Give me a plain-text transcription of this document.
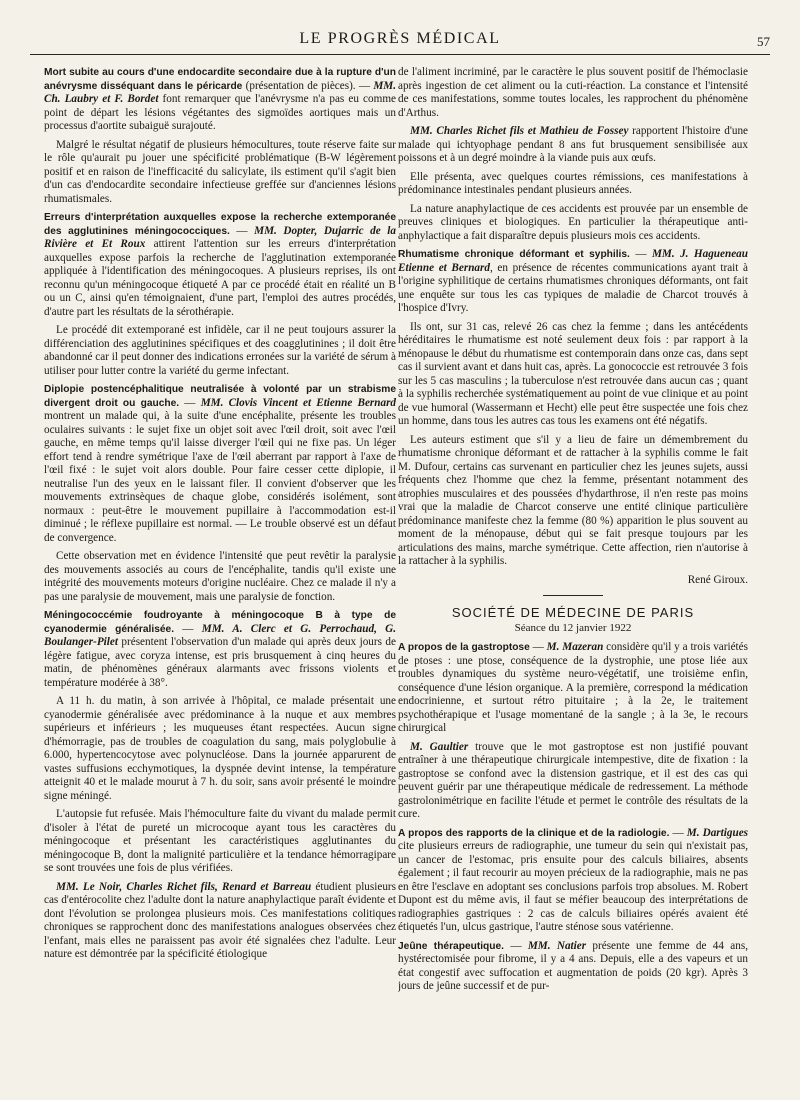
LE PROGRÈS MÉDICAL	57

Mort subite au cours d'une endocardite secondaire due à la rupture d'un anévrysme disséquant dans le péricarde (présentation de pièces). — MM. Ch. Laubry et F. Bordet font remarquer que l'anévrysme n'a pas eu comme point de départ les lésions végétantes des sigmoïdes aortiques mais un processus d'aortite subaiguë surajouté.

Malgré le résultat négatif de plusieurs hémocultures, toute réserve faite sur le rôle qu'aurait pu jouer une spécificité problématique (B-W légèrement positif et en raison de l'inefficacité du salicylate, ils estiment qu'il s'agit bien d'un cas d'endocardite secondaire infectieuse greffée sur d'anciennes lésions rhumatismales.

Erreurs d'interprétation auxquelles expose la recherche extemporanée des agglutinines méningococciques. — MM. Dopter, Dujarric de la Rivière et Et Roux attirent l'attention sur les erreurs d'interprétation auxquelles expose parfois la recherche de l'agglutination extemporanée appliquée à l'identification des méningocoques. A plusieurs reprises, ils ont reconnu qu'un méningocoque étiqueté A par ce procédé était en réalité un B ou un C, ainsi qu'en témoignaient, d'une part, l'emploi des autres procédés, d'autre part les résultats de la sérothérapie.

Le procédé dit extemporané est infidèle, car il ne peut toujours assurer la différenciation des agglutinines spécifiques et des coagglutinines ; il doit être abandonné car il peut donner des indications erronées sur la variété de sérum à utiliser pour lutter contre la variété du germe infectant.

Diplopie postencéphalitique neutralisée à volonté par un strabisme divergent droit ou gauche. — MM. Clovis Vincent et Etienne Bernard montrent un malade qui, à la suite d'une encéphalite, présente les troubles oculaires suivants : le sujet fixe un objet soit avec l'œil droit, soit avec l'œil gauche, en même temps qu'il laisse diverger l'œil qui ne fixe pas. Un léger effort tend à rendre symétrique l'axe de l'œil aberrant par rapport à l'axe de l'œil fixé : le sujet voit alors double. Pour faire cesser cette diplopie, il neutralise l'un des yeux en le laissant filer. Il convient d'observer que les mouvements extrinsèques de chaque globe, considérés isolément, sont normaux : peut-être le mouvement pupillaire à l'accommodation est-il diminué ; le réflexe pupillaire est normal. — Le trouble observé est un défaut de convergence.

Cette observation met en évidence l'intensité que peut revêtir la paralysie des mouvements associés au cours de l'encéphalite, tandis qu'il existe une intégrité des mouvements moteurs d'origine nucléaire. Chez ce malade il n'y a pas une paralysie de mouvement, mais une paralysie de fonction.

Méningococcémie foudroyante à méningocoque B à type de cyanodermie généralisée. — MM. A. Clerc et G. Perrochaud, G. Boulanger-Pilet présentent l'observation d'un malade qui après deux jours de légère fatigue, avec coryza intense, est pris brusquement à cinq heures du matin, de phénomènes généraux alarmants avec frissons violents et température modérée à 38°.

A 11 h. du matin, à son arrivée à l'hôpital, ce malade présentait une cyanodermie généralisée avec prédominance à la nuque et aux membres supérieurs et inférieurs ; les muqueuses étant respectées. Aucun signe d'hémorragie, pas de troubles de coagulation du sang, mais polyglobulie à 6.000, hypertencocytose avec polynucléose. Dans la journée apparurent de vastes suffusions ecchymotiques, la dyspnée devint intense, la température atteignit 40 et le malade mourut à 7 h. du soir, sans avoir présenté le moindre signe méningé.

L'autopsie fut refusée. Mais l'hémoculture faite du vivant du malade permit d'isoler à l'état de pureté un microcoque ayant tous les caractères du méningocoque et présentant les caractéristiques agglutinantes du méningocoque B, dont la malignité particulière et la tendance hémorragipare se sont trouvées une fois de plus vérifiées.

MM. Le Noir, Charles Richet fils, Renard et Barreau étudient plusieurs cas d'entérocolite chez l'adulte dont la nature anaphylactique paraît évidente et dont l'évolution se prolongea plusieurs mois. Ces manifestations colitiques chroniques se rapprochent donc des manifestations analogues observées chez l'enfant, mais elles ne paraissent pas avoir été signalées chez l'adulte. Leur nature est démontrée par la spécificité étiologique

de l'aliment incriminé, par le caractère le plus souvent positif de l'hémoclasie après ingestion de cet aliment ou la cuti-réaction. La constance et l'intensité de ces manifestations, somme toutes locales, les rapprochent du phénomène d'Arthus.

MM. Charles Richet fils et Mathieu de Fossey rapportent l'histoire d'une malade qui ichtyophage pendant 8 ans fut brusquement sensibilisée aux poissons et à un degré moindre à la viande puis aux œufs.

Elle présenta, avec quelques courtes rémissions, ces manifestations à prédominance intestinales pendant plusieurs années.

La nature anaphylactique de ces accidents est prouvée par un ensemble de preuves cliniques et biologiques. En particulier la thérapeutique anti-anphylactique a fait disparaître depuis plusieurs mois ces accidents.

Rhumatisme chronique déformant et syphilis. — MM. J. Hagueneau Etienne et Bernard, en présence de récentes communications ayant trait à l'origine syphilitique de certains rhumatismes chroniques déformants, ont fait une enquête sur tous les cas typiques de maladie de Charcot trouvés à l'hospice d'Ivry.

Ils ont, sur 31 cas, relevé 26 cas chez la femme ; dans les antécédents héréditaires le rhumatisme est noté seulement deux fois : par rapport à la ménopause le début du rhumatisme est contemporain dans onze cas, dans sept cas il survient avant et dans huit cas, après. La gonococcie est retrouvée 3 fois sur les 5 cas masculins ; la tuberculose n'est retrouvée dans aucun cas ; quant à la syphilis recherchée systématiquement au point de vue clinique et au point de vue humoral (Wassermann et Hecht) elle peut être suspectée une fois chez un homme, dans tous les autres cas tous les examens ont été négatifs.

Les auteurs estiment que s'il y a lieu de faire un démembrement du rhumatisme chronique déformant et de rattacher à la syphilis comme le fait M. Dufour, certains cas survenant en particulier chez les jeunes sujets, aussi fréquents chez l'homme que chez la femme, présentant notamment des atrophies musculaires et des poussées d'hydarthrose, il n'en reste pas moins vrai que la maladie de Charcot conserve une entité clinique particulière prédominance manifeste chez la femme (80 %) apparition le plus souvent au moment de la ménopause, début qui se fait presque toujours par les articulations des mains, marche symétrique. Cette affection, rien n'autorise à la rattacher à la syphilis.

René Giroux.
SOCIÉTÉ DE MÉDECINE DE PARIS
Séance du 12 janvier 1922

A propos de la gastroptose — M. Mazeran considère qu'il y a trois variétés de ptoses : une ptose, conséquence de la dystrophie, une ptose liée aux troubles dynamiques du système neuro-végétatif, une troisième enfin, conséquence d'une lésion organique. A la première, correspond la médication endocrinienne, et surtout rétro pituitaire ; à la 2e, le traitement psychothérapique et l'usage momentané de la sangle ; à la 3e, le recours chirurgical

M. Gaultier trouve que le mot gastroptose est non justifié pouvant entraîner à une thérapeutique chirurgicale intempestive, dite de fixation : la gastroptose se confond avec la distension gastrique, et il est des cas qui peuvent guérir par une thérapeutique médicale de redressement. La méthode gastrolonimétrique en facilite l'étude et permet le contrôle des résultats de la cure.

A propos des rapports de la clinique et de la radiologie. — M. Dartigues cite plusieurs erreurs de radiographie, une tumeur du sein qui n'existait pas, un cancer de l'estomac, pris ensuite pour des calculs biliaires, absents également ; il faut recourir au moyen précieux de la radiographie, mais ne pas en être l'esclave en adoptant ses conclusions parfois trop absolues. M. Robert Dupont est du même avis, il faut se méfier beaucoup des interprétations de radiographies gastriques : 2 cas de calculs biliaires opérés avaient été étiquetés l'un, ulcus gastrique, l'autre sténose sous vatérienne.

Jeûne thérapeutique. — MM. Natier présente une femme de 44 ans, hystérectomisée pour fibrome, il y a 4 ans. Depuis, elle a des vapeurs et un état congestif avec suffocation et augmentation de poids (20 kgr). Après 3 jours de jeûne successif et de pur-
